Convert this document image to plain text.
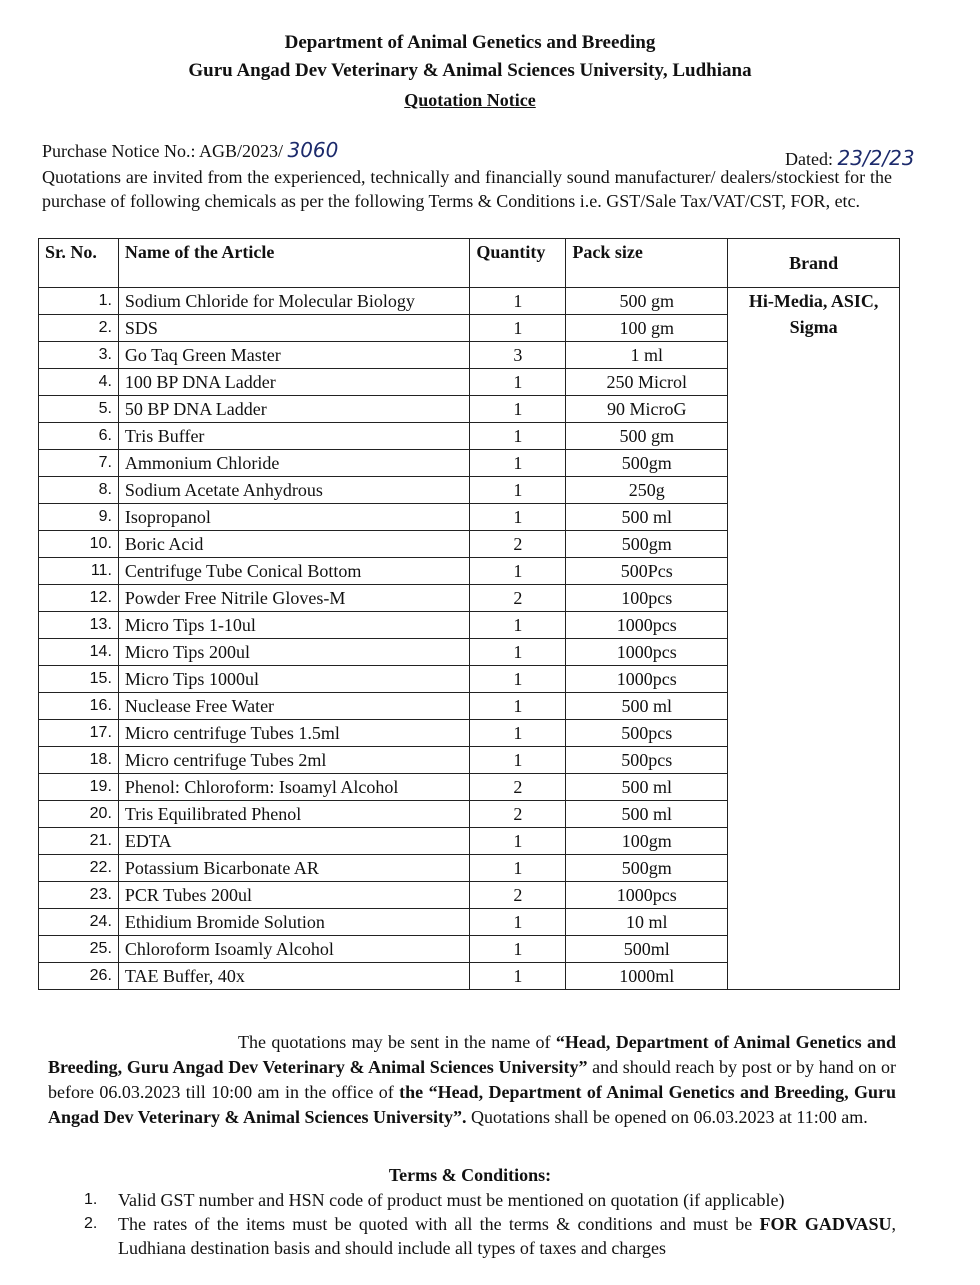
Department of Animal Genetics and Breeding
Guru Angad Dev Veterinary & Animal Sciences University, Ludhiana
Quotation Notice
Purchase Notice No.: AGB/2023/ 3060	Dated: 23/2/23
Quotations are invited from the experienced, technically and financially sound manufacturer/ dealers/stockiest for the purchase of following chemicals as per the following Terms & Conditions i.e. GST/Sale Tax/VAT/CST, FOR, etc.
Sr. No.	Name of the Article	Quantity	Pack size	Brand
1.	Sodium Chloride for Molecular Biology	1	500 gm	Hi-Media, ASIC, Sigma
2.	SDS	1	100 gm	
3.	Go Taq Green Master	3	1 ml	
4.	100 BP DNA Ladder	1	250 Microl	
5.	50 BP DNA Ladder	1	90 MicroG	
6.	Tris Buffer	1	500 gm	
7.	Ammonium Chloride	1	500gm	
8.	Sodium Acetate Anhydrous	1	250g	
9.	Isopropanol	1	500 ml	
10.	Boric Acid	2	500gm	
11.	Centrifuge Tube Conical Bottom	1	500Pcs	
12.	Powder Free Nitrile Gloves-M	2	100pcs	
13.	Micro Tips 1-10ul	1	1000pcs	
14.	Micro Tips 200ul	1	1000pcs	
15.	Micro Tips 1000ul	1	1000pcs	
16.	Nuclease Free Water	1	500 ml	
17.	Micro centrifuge Tubes 1.5ml	1	500pcs	
18.	Micro centrifuge Tubes 2ml	1	500pcs	
19.	Phenol: Chloroform: Isoamyl Alcohol	2	500 ml	
20.	Tris Equilibrated Phenol	2	500 ml	
21.	EDTA	1	100gm	
22.	Potassium Bicarbonate AR	1	500gm	
23.	PCR Tubes 200ul	2	1000pcs	
24.	Ethidium Bromide Solution	1	10 ml	
25.	Chloroform Isoamly Alcohol	1	500ml	
26.	TAE Buffer, 40x	1	1000ml	
The quotations may be sent in the name of “Head, Department of Animal Genetics and Breeding, Guru Angad Dev Veterinary & Animal Sciences University” and should reach by post or by hand on or before 06.03.2023 till 10:00 am in the office of the “Head, Department of Animal Genetics and Breeding, Guru Angad Dev Veterinary & Animal Sciences University”. Quotations shall be opened on 06.03.2023 at 11:00 am.
Terms & Conditions:
1.	Valid GST number and HSN code of product must be mentioned on quotation (if applicable)
2.	The rates of the items must be quoted with all the terms & conditions and must be FOR GADVASU, Ludhiana destination basis and should include all types of taxes and charges
